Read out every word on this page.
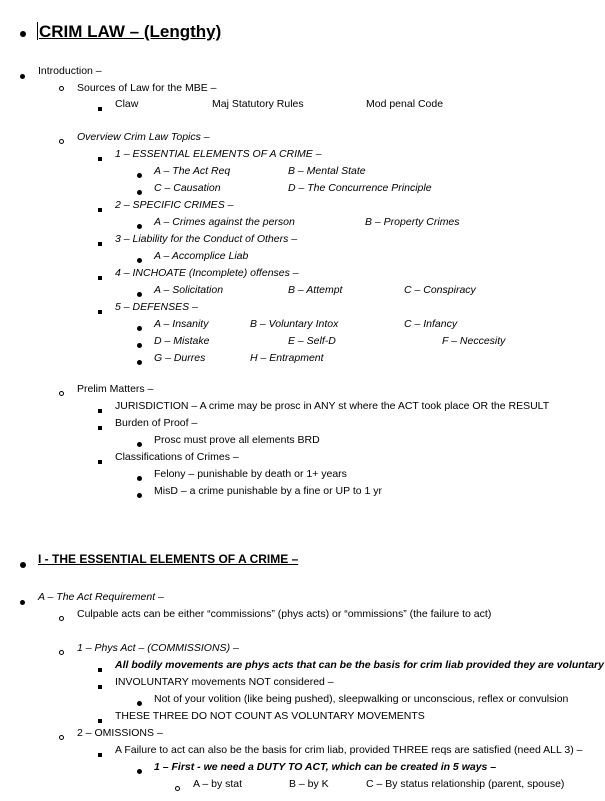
CRIM LAW – (Lengthy)
Introduction –
Sources of Law for the MBE –
Claw	Maj Statutory Rules	Mod penal Code
Overview Crim Law Topics –
1 – ESSENTIAL ELEMENTS OF A CRIME –
A – The Act Req	B – Mental State
C – Causation	D – The Concurrence Principle
2 – SPECIFIC CRIMES –
A – Crimes against the person	B – Property Crimes
3 – Liability for the Conduct of Others –
A – Accomplice Liab
4 – INCHOATE (Incomplete) offenses –
A – Solicitation	B – Attempt	C – Conspiracy
5 – DEFENSES –
A – Insanity	B – Voluntary Intox	C – Infancy
D – Mistake	E – Self-D	F – Neccesity
G – Durres	H – Entrapment
Prelim Matters –
JURISDICTION – A crime may be prosc in ANY st where the ACT took place OR the RESULT
Burden of Proof –
Prosc must prove all elements BRD
Classifications of Crimes –
Felony – punishable by death or 1+ years
MisD – a crime punishable by a fine or UP to 1 yr
I - THE ESSENTIAL ELEMENTS OF A CRIME –
A – The Act Requirement –
Culpable acts can be either “commissions” (phys acts) or “ommissions” (the failure to act)
1 – Phys Act – (COMMISSIONS) –
All bodily movements are phys acts that can be the basis for crim liab provided they are voluntary
INVOLUNTARY movements NOT considered –
Not of your volition (like being pushed), sleepwalking or unconscious, reflex or convulsion
THESE THREE DO NOT COUNT AS VOLUNTARY MOVEMENTS
2 – OMISSIONS –
A Failure to act can also be the basis for crim liab, provided THREE reqs are satisfied (need ALL 3) –
1 – First - we need a DUTY TO ACT, which can be created in 5 ways –
A – by stat	B – by K	C – By status relationship (parent, spouse)
